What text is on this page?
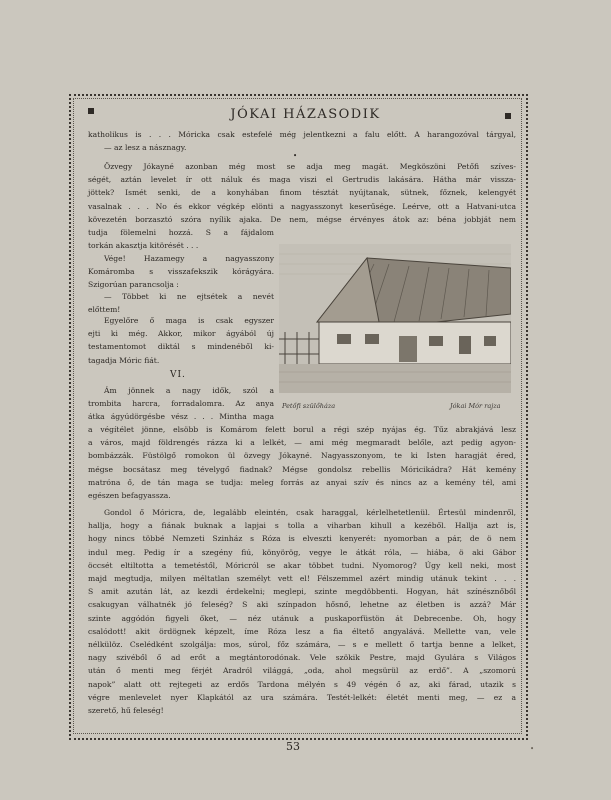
JÓKAI HÁZASODIK

katholikus is . . . Móricka csak estefelé még jelentkezni a falu előtt. A harangozóval tárgyal,

— az lesz a násznagy.

•

Özvegy Jókayné azonban még most se adja meg magát. Megköszöni Petőfi szíves-

ségét, aztán levelet ír ott náluk és maga viszi el Gertrudis lakására. Hátha már vissza-

jöttek? Ismét senki, de a konyhában finom tésztát nyújtanak, sütnek, főznek, kelengyét

vasalnak . . . No és ekkor végkép elönti a nagyasszonyt keserűsége. Leérve, ott a Hatvani-utca

kövezetén borzasztó szóra nyílik ajaka. De nem, mégse érvényes átok az: béna jobbját nem

tudja fölemelni hozzá. S a fájdalom

torkán akasztja kitörését . . .

Vége! Hazamegy a nagyasszony

Komáromba s visszafekszik kórágyára.

Szigorúan parancsolja :

— Többet ki ne ejtsétek a nevét

előttem!

Egyelőre ő maga is csak egyszer

ejti ki még. Akkor, mikor ágyából új

testamentomot diktál s mindenéből ki-

tagadja Móric fiát.

VI.

Ám jönnek a nagy idők, szól a

trombita harcra, forradalomra. Az anya

átka ágyúdörgésbe vész . . . Mintha maga

Petőfi szülőháza	Jókai Mór rajza

a végítélet jönne, elsöbb is Komárom felett borul a régi szép nyájas ég. Tűz abrakjává lesz

a város, majd földrengés rázza ki a lelkét, — ami még megmaradt belőle, azt pedig agyon-

bombázzák. Füstölgő romokon ül özvegy Jókayné. Nagyasszonyom, te ki Isten haragját éred,

mégse bocsátasz meg tévelygő fiadnak? Mégse gondolsz rebellis Móricikádra? Hát kemény

matróna ő, de tán maga se tudja: meleg forrás az anyai szív és nincs az a kemény tél, ami

egészen befagyassza.

Gondol ő Móricra, de, legalább eleintén, csak haraggal, kérlelhetetlenül. Értesül mindenről,

hallja, hogy a fiának buknak a lapjai s tolla a viharban kihull a kezéből. Hallja azt is,

hogy nincs többé Nemzeti Szinház s Róza is elveszti kenyerét: nyomorban a pár, de ö nem

indul meg. Pedig ír a szegény fiú, könyörög, vegye le átkát róla, — hiába, ö aki Gábor

öccsét eltiltotta a temetéstől, Móricról se akar többet tudni. Nyomorog? Úgy kell neki, most

majd megtudja, milyen méltatlan személyt vett el! Félszemmel azért mindig utánuk tekint . . .

S amit azután lát, az kezdi érdekelni; meglepi, szinte megdöbbenti. Hogyan, hát színésznőből

csakugyan válhatnék jó feleség? S aki színpadon hősnő, lehetne az életben is azzá? Már

szinte aggódón figyeli őket, — néz utánuk a puskaporfüstön át Debrecenbe. Oh, hogy

csalódott! akit ördögnek képzelt, íme Róza lesz a fia éltető angyalává. Mellette van, vele

nélkülöz. Cselédként szolgálja: mos, súrol, főz számára, — s e mellett ő tartja benne a lelket,

nagy szivéből ő ad erőt a megtántorodónak. Vele szökik Pestre, majd Gyulára s Világos

után ő menti meg férjét Aradról világgá, „oda, ahol megsürül az erdő”. A „szomorú

napok” alatt ott rejtegeti az erdős Tardona mélyén s 49 végén ő az, aki fárad, utazik s

végre menlevelet nyer Klapkától az ura számára. Testét-lelkét: életét menti meg, — ez a

szerető, hű feleség!

53	•
